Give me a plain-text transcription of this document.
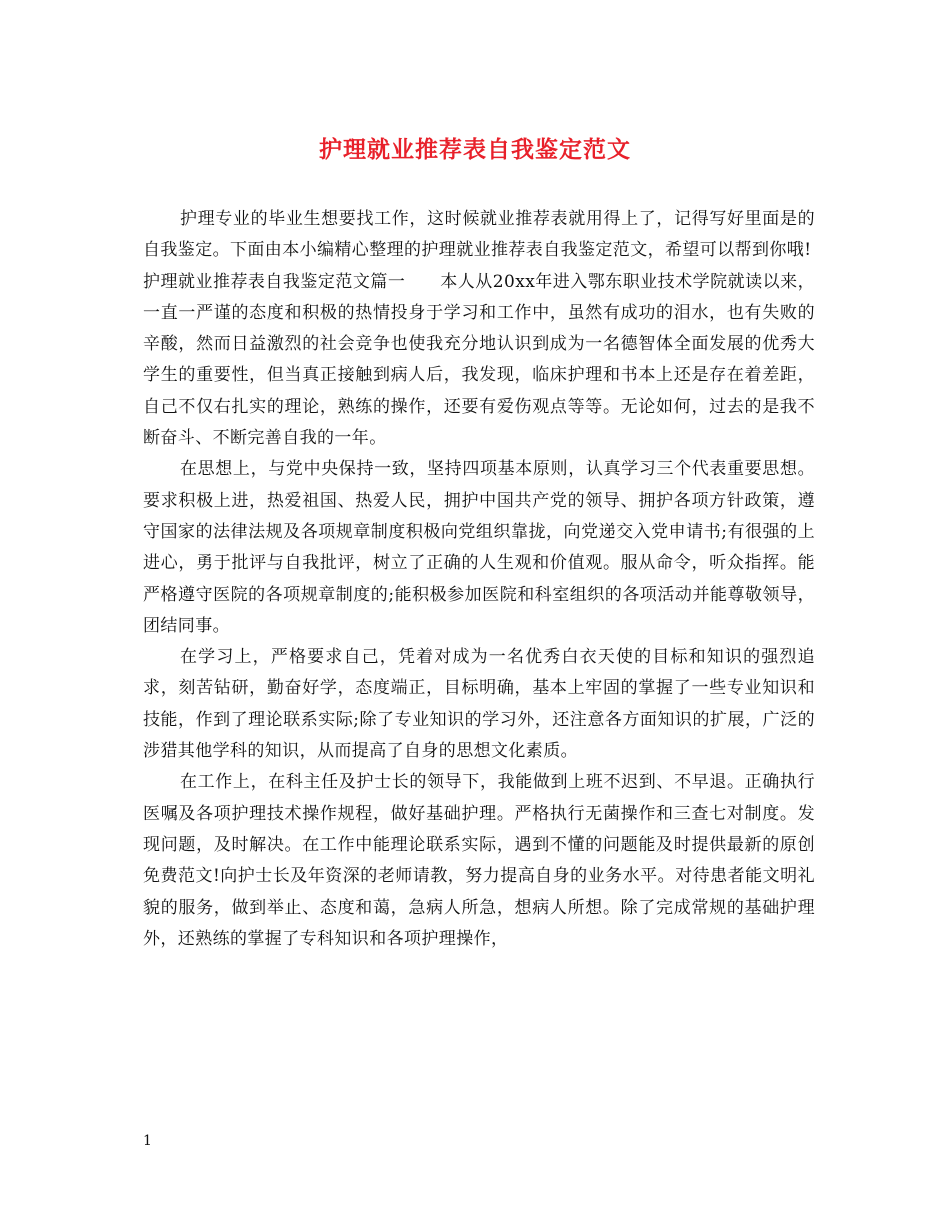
护理就业推荐表自我鉴定范文

护理专业的毕业生想要找工作，这时候就业推荐表就用得上了，记得写好里面是的自我鉴定。下面由本小编精心整理的护理就业推荐表自我鉴定范文，希望可以帮到你哦!

护理就业推荐表自我鉴定范文篇一　　本人从20xx年进入鄂东职业技术学院就读以来，一直一严谨的态度和积极的热情投身于学习和工作中，虽然有成功的泪水，也有失败的辛酸，然而日益激烈的社会竞争也使我充分地认识到成为一名德智体全面发展的优秀大学生的重要性，但当真正接触到病人后，我发现，临床护理和书本上还是存在着差距，自己不仅右扎实的理论，熟练的操作，还要有爱伤观点等等。无论如何，过去的是我不断奋斗、不断完善自我的一年。

在思想上，与党中央保持一致，坚持四项基本原则，认真学习三个代表重要思想。要求积极上进，热爱祖国、热爱人民，拥护中国共产党的领导、拥护各项方针政策，遵守国家的法律法规及各项规章制度积极向党组织靠拢，向党递交入党申请书;有很强的上进心，勇于批评与自我批评，树立了正确的人生观和价值观。服从命令，听众指挥。能严格遵守医院的各项规章制度的;能积极参加医院和科室组织的各项活动并能尊敬领导，团结同事。

在学习上，严格要求自己，凭着对成为一名优秀白衣天使的目标和知识的强烈追求，刻苦钻研，勤奋好学，态度端正，目标明确，基本上牢固的掌握了一些专业知识和技能，作到了理论联系实际;除了专业知识的学习外，还注意各方面知识的扩展，广泛的涉猎其他学科的知识，从而提高了自身的思想文化素质。

在工作上，在科主任及护士长的领导下，我能做到上班不迟到、不早退。正确执行医嘱及各项护理技术操作规程，做好基础护理。严格执行无菌操作和三查七对制度。发现问题，及时解决。在工作中能理论联系实际，遇到不懂的问题能及时提供最新的原创免费范文!向护士长及年资深的老师请教，努力提高自身的业务水平。对待患者能文明礼貌的服务，做到举止、态度和蔼，急病人所急，想病人所想。除了完成常规的基础护理外，还熟练的掌握了专科知识和各项护理操作，

1
